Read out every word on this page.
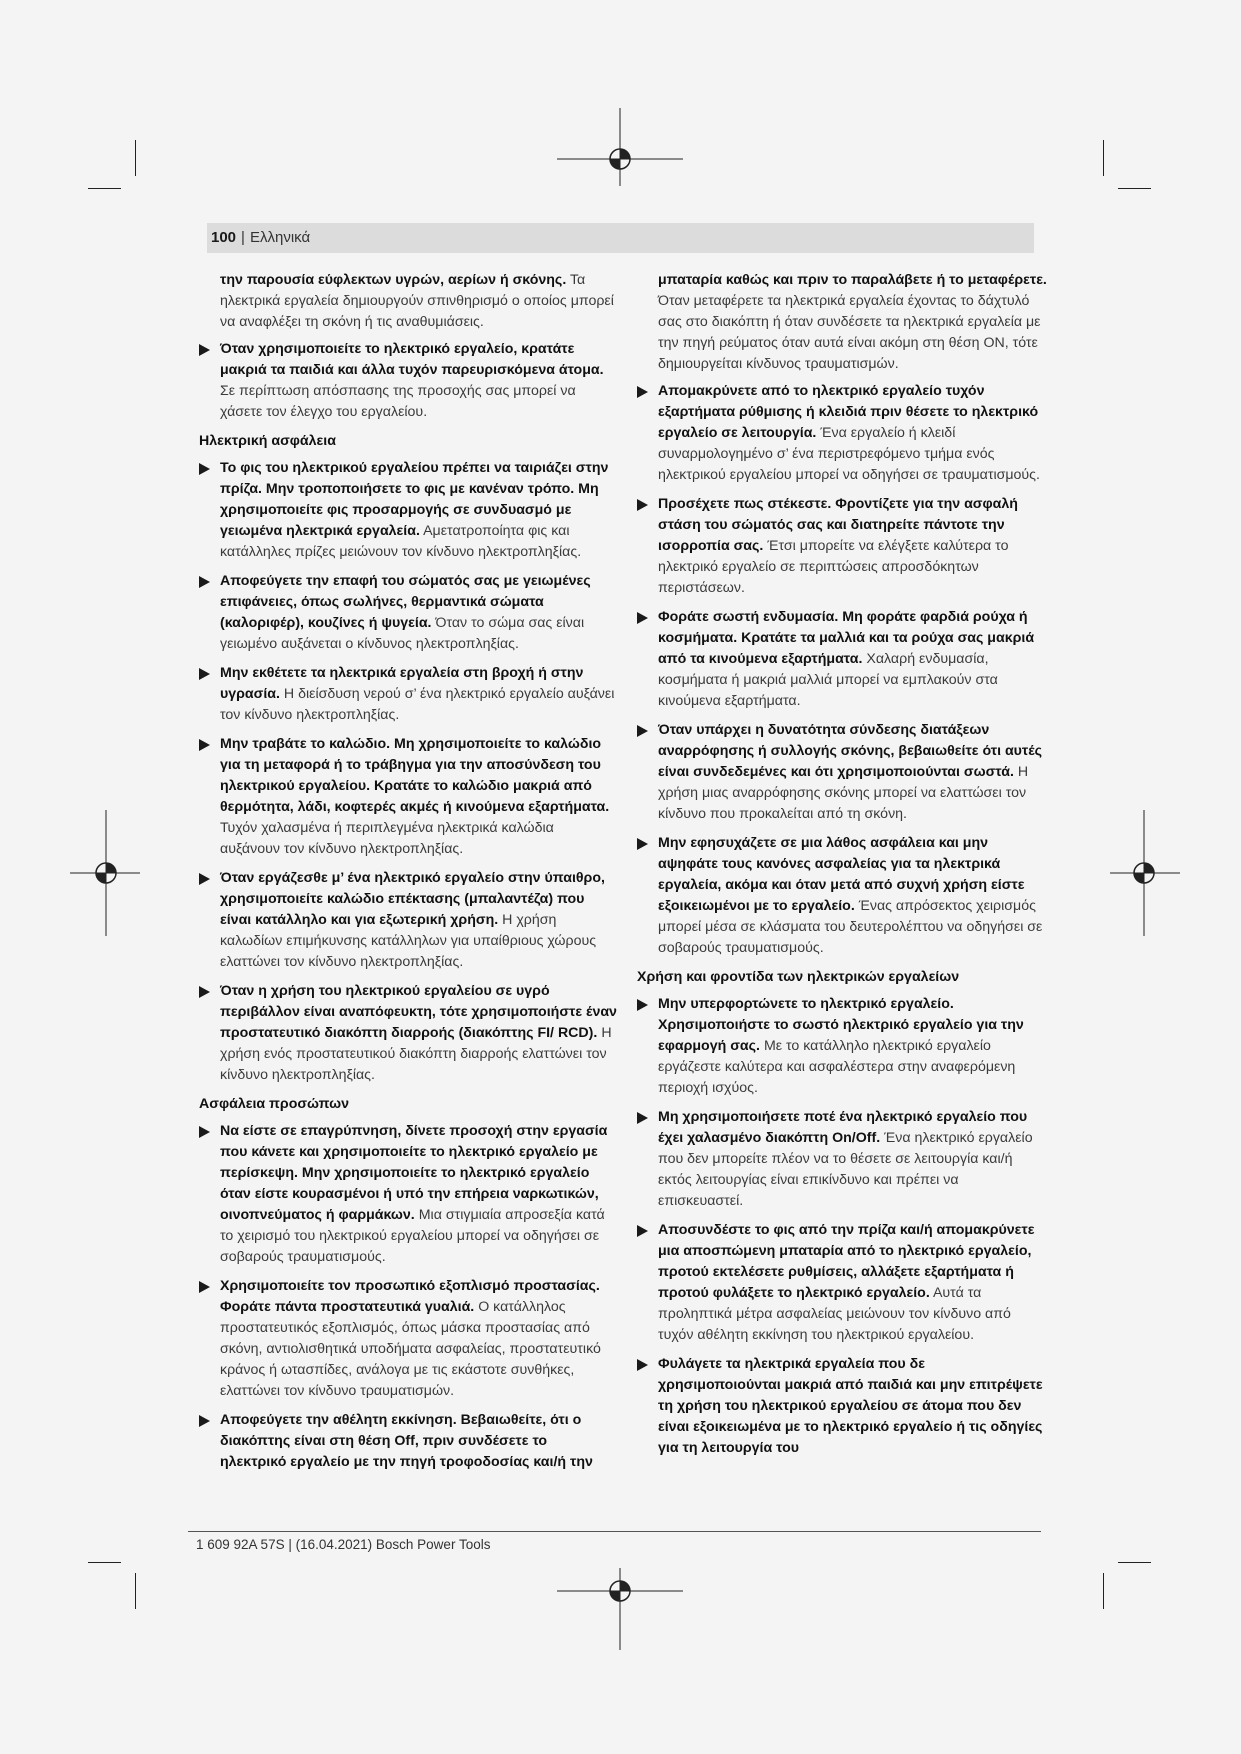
100 | Ελληνικά

την παρουσία εύφλεκτων υγρών, αερίων ή σκόνης. Τα ηλεκτρικά εργαλεία δημιουργούν σπινθηρισμό ο οποίος μπορεί να αναφλέξει τη σκόνη ή τις αναθυμιάσεις.

Όταν χρησιμοποιείτε το ηλεκτρικό εργαλείο, κρατάτε μακριά τα παιδιά και άλλα τυχόν παρευρισκόμενα άτομα. Σε περίπτωση απόσπασης της προσοχής σας μπορεί να χάσετε τον έλεγχο του εργαλείου.
Ηλεκτρική ασφάλεια
Το φις του ηλεκτρικού εργαλείου πρέπει να ταιριάζει στην πρίζα. Μην τροποποιήσετε το φις με κανέναν τρόπο. Μη χρησιμοποιείτε φις προσαρμογής σε συνδυασμό με γειωμένα ηλεκτρικά εργαλεία. Αμετατροποίητα φις και κατάλληλες πρίζες μειώνουν τον κίνδυνο ηλεκτροπληξίας.
Αποφεύγετε την επαφή του σώματός σας με γειωμένες επιφάνειες, όπως σωλήνες, θερμαντικά σώματα (καλοριφέρ), κουζίνες ή ψυγεία. Όταν το σώμα σας είναι γειωμένο αυξάνεται ο κίνδυνος ηλεκτροπληξίας.
Μην εκθέτετε τα ηλεκτρικά εργαλεία στη βροχή ή στην υγρασία. Η διείσδυση νερού σ’ ένα ηλεκτρικό εργαλείο αυξάνει τον κίνδυνο ηλεκτροπληξίας.
Μην τραβάτε το καλώδιο. Μη χρησιμοποιείτε το καλώδιο για τη μεταφορά ή το τράβηγμα για την αποσύνδεση του ηλεκτρικού εργαλείου. Κρατάτε το καλώδιο μακριά από θερμότητα, λάδι, κοφτερές ακμές ή κινούμενα εξαρτήματα. Τυχόν χαλασμένα ή περιπλεγμένα ηλεκτρικά καλώδια αυξάνουν τον κίνδυνο ηλεκτροπληξίας.
Όταν εργάζεσθε μ’ ένα ηλεκτρικό εργαλείο στην ύπαιθρο, χρησιμοποιείτε καλώδιο επέκτασης (μπαλαντέζα) που είναι κατάλληλο και για εξωτερική χρήση. Η χρήση καλωδίων επιμήκυνσης κατάλληλων για υπαίθριους χώρους ελαττώνει τον κίνδυνο ηλεκτροπληξίας.
Όταν η χρήση του ηλεκτρικού εργαλείου σε υγρό περιβάλλον είναι αναπόφευκτη, τότε χρησιμοποιήστε έναν προστατευτικό διακόπτη διαρροής (διακόπτης FI/ RCD). Η χρήση ενός προστατευτικού διακόπτη διαρροής ελαττώνει τον κίνδυνο ηλεκτροπληξίας.
Ασφάλεια προσώπων
Να είστε σε επαγρύπνηση, δίνετε προσοχή στην εργασία που κάνετε και χρησιμοποιείτε το ηλεκτρικό εργαλείο με περίσκεψη. Μην χρησιμοποιείτε το ηλεκτρικό εργαλείο όταν είστε κουρασμένοι ή υπό την επήρεια ναρκωτικών, οινοπνεύματος ή φαρμάκων. Μια στιγμιαία απροσεξία κατά το χειρισμό του ηλεκτρικού εργαλείου μπορεί να οδηγήσει σε σοβαρούς τραυματισμούς.
Χρησιμοποιείτε τον προσωπικό εξοπλισμό προστασίας. Φοράτε πάντα προστατευτικά γυαλιά. Ο κατάλληλος προστατευτικός εξοπλισμός, όπως μάσκα προστασίας από σκόνη, αντιολισθητικά υποδήματα ασφαλείας, προστατευτικό κράνος ή ωτασπίδες, ανάλογα με τις εκάστοτε συνθήκες, ελαττώνει τον κίνδυνο τραυματισμών.
Αποφεύγετε την αθέλητη εκκίνηση. Βεβαιωθείτε, ότι ο διακόπτης είναι στη θέση Off, πριν συνδέσετε το ηλεκτρικό εργαλείο με την πηγή τροφοδοσίας και/ή την

μπαταρία καθώς και πριν το παραλάβετε ή το μεταφέρετε. Όταν μεταφέρετε τα ηλεκτρικά εργαλεία έχοντας το δάχτυλό σας στο διακόπτη ή όταν συνδέσετε τα ηλεκτρικά εργαλεία με την πηγή ρεύματος όταν αυτά είναι ακόμη στη θέση ON, τότε δημιουργείται κίνδυνος τραυματισμών.

Απομακρύνετε από το ηλεκτρικό εργαλείο τυχόν εξαρτήματα ρύθμισης ή κλειδιά πριν θέσετε το ηλεκτρικό εργαλείο σε λειτουργία. Ένα εργαλείο ή κλειδί συναρμολογημένο σ’ ένα περιστρεφόμενο τμήμα ενός ηλεκτρικού εργαλείου μπορεί να οδηγήσει σε τραυματισμούς.
Προσέχετε πως στέκεστε. Φροντίζετε για την ασφαλή στάση του σώματός σας και διατηρείτε πάντοτε την ισορροπία σας. Έτσι μπορείτε να ελέγξετε καλύτερα το ηλεκτρικό εργαλείο σε περιπτώσεις απροσδόκητων περιστάσεων.
Φοράτε σωστή ενδυμασία. Μη φοράτε φαρδιά ρούχα ή κοσμήματα. Κρατάτε τα μαλλιά και τα ρούχα σας μακριά από τα κινούμενα εξαρτήματα. Χαλαρή ενδυμασία, κοσμήματα ή μακριά μαλλιά μπορεί να εμπλακούν στα κινούμενα εξαρτήματα.
Όταν υπάρχει η δυνατότητα σύνδεσης διατάξεων αναρρόφησης ή συλλογής σκόνης, βεβαιωθείτε ότι αυτές είναι συνδεδεμένες και ότι χρησιμοποιούνται σωστά. Η χρήση μιας αναρρόφησης σκόνης μπορεί να ελαττώσει τον κίνδυνο που προκαλείται από τη σκόνη.
Μην εφησυχάζετε σε μια λάθος ασφάλεια και μην αψηφάτε τους κανόνες ασφαλείας για τα ηλεκτρικά εργαλεία, ακόμα και όταν μετά από συχνή χρήση είστε εξοικειωμένοι με το εργαλείο. Ένας απρόσεκτος χειρισμός μπορεί μέσα σε κλάσματα του δευτερολέπτου να οδηγήσει σε σοβαρούς τραυματισμούς.
Χρήση και φροντίδα των ηλεκτρικών εργαλείων
Μην υπερφορτώνετε το ηλεκτρικό εργαλείο. Χρησιμοποιήστε το σωστό ηλεκτρικό εργαλείο για την εφαρμογή σας. Με το κατάλληλο ηλεκτρικό εργαλείο εργάζεστε καλύτερα και ασφαλέστερα στην αναφερόμενη περιοχή ισχύος.
Μη χρησιμοποιήσετε ποτέ ένα ηλεκτρικό εργαλείο που έχει χαλασμένο διακόπτη On/Off. Ένα ηλεκτρικό εργαλείο που δεν μπορείτε πλέον να το θέσετε σε λειτουργία και/ή εκτός λειτουργίας είναι επικίνδυνο και πρέπει να επισκευαστεί.
Αποσυνδέστε το φις από την πρίζα και/ή απομακρύνετε μια αποσπώμενη μπαταρία από το ηλεκτρικό εργαλείο, προτού εκτελέσετε ρυθμίσεις, αλλάξετε εξαρτήματα ή προτού φυλάξετε το ηλεκτρικό εργαλείο. Αυτά τα προληπτικά μέτρα ασφαλείας μειώνουν τον κίνδυνο από τυχόν αθέλητη εκκίνηση του ηλεκτρικού εργαλείου.
Φυλάγετε τα ηλεκτρικά εργαλεία που δε χρησιμοποιούνται μακριά από παιδιά και μην επιτρέψετε τη χρήση του ηλεκτρικού εργαλείου σε άτομα που δεν είναι εξοικειωμένα με το ηλεκτρικό εργαλείο ή τις οδηγίες για τη λειτουργία του
1 609 92A 57S | (16.04.2021) Bosch Power Tools
